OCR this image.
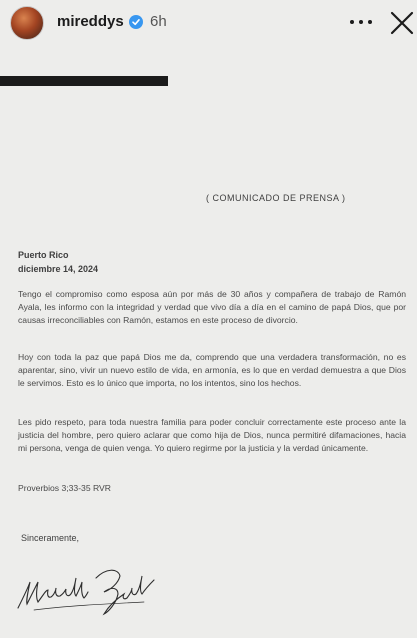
mireddys 6h
( COMUNICADO DE PRENSA )
Puerto Rico
diciembre 14, 2024

Tengo el compromiso como esposa aún por más de 30 años y compañera de trabajo de Ramón Ayala, les informo con la integridad y verdad que vivo día a día en el camino de papá Dios, que por causas irreconciliables con Ramón, estamos en este proceso de divorcio.

Hoy con toda la paz que papá Dios me da, comprendo que una verdadera transformación, no es aparentar, sino, vivir un nuevo estilo de vida, en armonía, es lo que en verdad demuestra a que Dios le servimos. Esto es lo único que importa, no los intentos, sino los hechos.

Les pido respeto, para toda nuestra familia para poder concluir correctamente este proceso ante la justicia del hombre, pero quiero aclarar que como hija de Dios, nunca permitiré difamaciones, hacia mi persona, venga de quien venga. Yo quiero regirme por la justicia y la verdad únicamente.

Proverbios 3;33-35 RVR
Sinceramente,
